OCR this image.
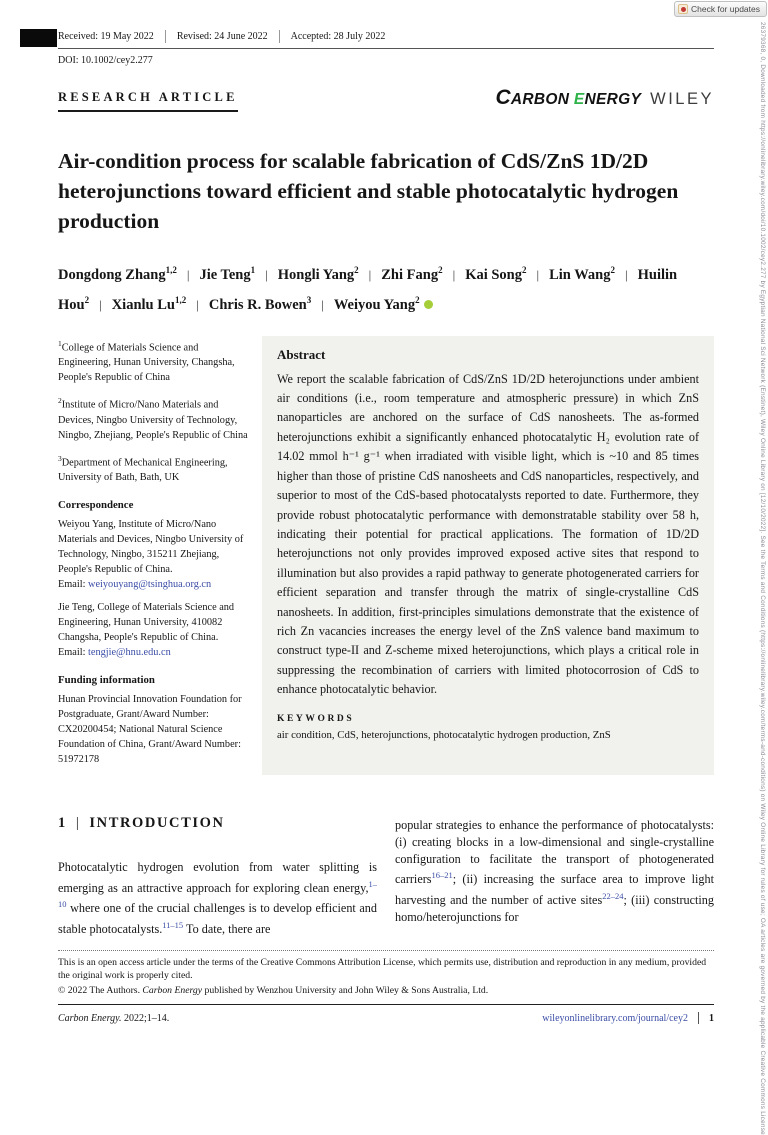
Check for updates
26379368, 0, Downloaded from https://onlinelibrary.wiley.com/doi/10.1002/cey2.277 by Egyptian National Sci Network (Enstinet), Wiley Online Library on [12/10/2022]. See the Terms and Conditions (https://onlinelibrary.wiley.com/terms-and-conditions) on Wiley Online Library for rules of use; OA articles are governed by the applicable Creative Commons License
Received: 19 May 2022 Revised: 24 June 2022 Accepted: 28 July 2022
DOI: 10.1002/cey2.277
RESEARCH ARTICLE	CARBON ENERGY WILEY
Air-condition process for scalable fabrication of CdS/ZnS 1D/2D heterojunctions toward efficient and stable photocatalytic hydrogen production
Dongdong Zhang$^{1,2}$ | Jie Teng$^1$ | Hongli Yang$^2$ | Zhi Fang$^2$ | Kai Song$^2$ | Lin Wang$^2$ | Huilin Hou$^2$ | Xianlu Lu$^{1,2}$ | Chris R. Bowen$^3$ | Weiyou Yang$^2$

$^1$College of Materials Science and Engineering, Hunan University, Changsha, People's Republic of China

$^2$Institute of Micro/Nano Materials and Devices, Ningbo University of Technology, Ningbo, Zhejiang, People's Republic of China

$^3$Department of Mechanical Engineering, University of Bath, Bath, UK

Correspondence

Weiyou Yang, Institute of Micro/Nano Materials and Devices, Ningbo University of Technology, Ningbo, 315211 Zhejiang, People's Republic of China.
Email: weiyouyang@tsinghua.org.cn

Jie Teng, College of Materials Science and Engineering, Hunan University, 410082 Changsha, People's Republic of China.
Email: tengjie@hnu.edu.cn

Funding information

Hunan Provincial Innovation Foundation for Postgraduate, Grant/Award Number: CX20200454; National Natural Science Foundation of China, Grant/Award Number: 51972178

Abstract
We report the scalable fabrication of CdS/ZnS 1D/2D heterojunctions under ambient air conditions (i.e., room temperature and atmospheric pressure) in which ZnS nanoparticles are anchored on the surface of CdS nanosheets. The as-formed heterojunctions exhibit a significantly enhanced photocatalytic H₂ evolution rate of 14.02 mmol h⁻¹ g⁻¹ when irradiated with visible light, which is ~10 and 85 times higher than those of pristine CdS nanosheets and CdS nanoparticles, respectively, and superior to most of the CdS-based photocatalysts reported to date. Furthermore, they provide robust photocatalytic performance with demonstratable stability over 58 h, indicating their potential for practical applications. The formation of 1D/2D heterojunctions not only provides improved exposed active sites that respond to illumination but also provides a rapid pathway to generate photogenerated carriers for efficient separation and transfer through the matrix of single-crystalline CdS nanosheets. In addition, first-principles simulations demonstrate that the existence of rich Zn vacancies increases the energy level of the ZnS valence band maximum to construct type-II and Z-scheme mixed heterojunctions, which plays a critical role in suppressing the recombination of carriers with limited photocorrosion of CdS to enhance photocatalytic behavior.
KEYWORDS
air condition, CdS, heterojunctions, photocatalytic hydrogen production, ZnS
1 | INTRODUCTION

Photocatalytic hydrogen evolution from water splitting is emerging as an attractive approach for exploring clean energy,$^{1-10}$ where one of the crucial challenges is to develop efficient and stable photocatalysts.$^{11-15}$ To date, there are

popular strategies to enhance the performance of photocatalysts: (i) creating blocks in a low-dimensional and single-crystalline configuration to facilitate the transport of photogenerated carriers$^{16-21}$; (ii) increasing the surface area to improve light harvesting and the number of active sites$^{22-24}$; (iii) constructing homo/heterojunctions for

This is an open access article under the terms of the Creative Commons Attribution License, which permits use, distribution and reproduction in any medium, provided the original work is properly cited.
© 2022 The Authors. Carbon Energy published by Wenzhou University and John Wiley & Sons Australia, Ltd.
Carbon Energy. 2022;1–14.	wileyonlinelibrary.com/journal/cey2 1
